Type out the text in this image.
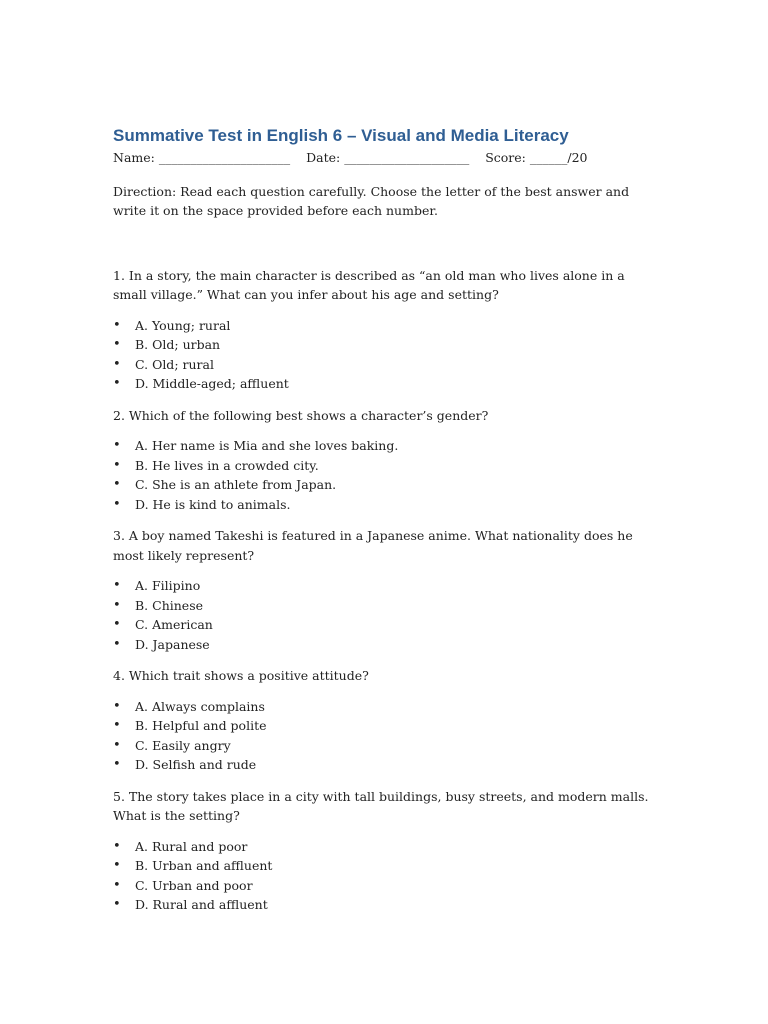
Summative Test in English 6 – Visual and Media Literacy

Name: _____________________ Date: ____________________ Score: ______/20

Direction: Read each question carefully. Choose the letter of the best answer and write it on the space provided before each number.

1. In a story, the main character is described as “an old man who lives alone in a small village.” What can you infer about his age and setting?

• A. Young; rural
• B. Old; urban
• C. Old; rural
• D. Middle-aged; affluent

2. Which of the following best shows a character’s gender?

• A. Her name is Mia and she loves baking.
• B. He lives in a crowded city.
• C. She is an athlete from Japan.
• D. He is kind to animals.

3. A boy named Takeshi is featured in a Japanese anime. What nationality does he most likely represent?

• A. Filipino
• B. Chinese
• C. American
• D. Japanese

4. Which trait shows a positive attitude?

• A. Always complains
• B. Helpful and polite
• C. Easily angry
• D. Selfish and rude

5. The story takes place in a city with tall buildings, busy streets, and modern malls. What is the setting?

• A. Rural and poor
• B. Urban and affluent
• C. Urban and poor
• D. Rural and affluent
